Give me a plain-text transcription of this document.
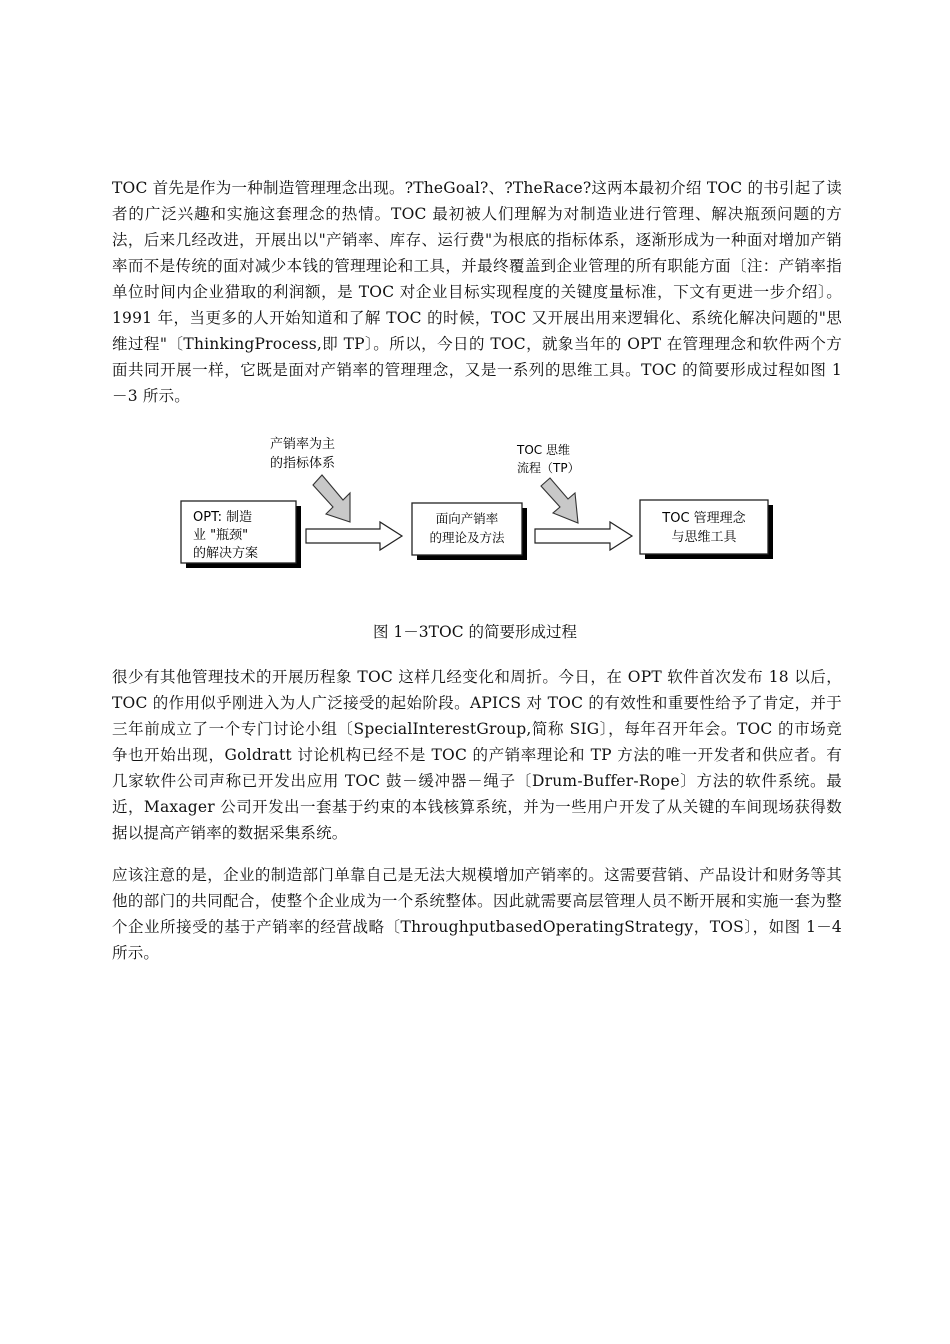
TOC 首先是作为一种制造管理理念出现。?TheGoal?、?TheRace?这两本最初介绍 TOC 的书引起了读者的广泛兴趣和实施这套理念的热情。TOC 最初被人们理解为对制造业进行管理、解决瓶颈问题的方法，后来几经改进，开展出以"产销率、库存、运行费"为根底的指标体系，逐渐形成为一种面对增加产销率而不是传统的面对减少本钱的管理理论和工具，并最终覆盖到企业管理的所有职能方面〔注：产销率指单位时间内企业猎取的利润额，是 TOC 对企业目标实现程度的关键度量标准，下文有更进一步介绍〕。1991 年，当更多的人开始知道和了解 TOC 的时候，TOC 又开展出用来逻辑化、系统化解决问题的"思维过程"〔ThinkingProcess,即 TP〕。所以，今日的 TOC，就象当年的 OPT 在管理理念和软件两个方面共同开展一样，它既是面对产销率的管理理念，又是一系列的思维工具。TOC 的简要形成过程如图 1－3 所示。

OPT: 制造
业 "瓶颈"
的解决方案
面向产销率
的理论及方法
TOC 管理理念
与思维工具
产销率为主
的指标体系
TOC 思维
流程（TP）
图 1－3TOC 的简要形成过程

很少有其他管理技术的开展历程象 TOC 这样几经变化和周折。今日，在 OPT 软件首次发布 18 以后，TOC 的作用似乎刚进入为人广泛接受的起始阶段。APICS 对 TOC 的有效性和重要性给予了肯定，并于三年前成立了一个专门讨论小组〔SpecialInterestGroup,简称 SIG〕，每年召开年会。TOC 的市场竞争也开始出现，Goldratt 讨论机构已经不是 TOC 的产销率理论和 TP 方法的唯一开发者和供应者。有几家软件公司声称已开发出应用 TOC 鼓－缓冲器－绳子〔Drum-Buffer-Rope〕方法的软件系统。最近，Maxager 公司开发出一套基于约束的本钱核算系统，并为一些用户开发了从关键的车间现场获得数据以提高产销率的数据采集系统。

应该注意的是，企业的制造部门单靠自己是无法大规模增加产销率的。这需要营销、产品设计和财务等其他的部门的共同配合，使整个企业成为一个系统整体。因此就需要高层管理人员不断开展和实施一套为整个企业所接受的基于产销率的经营战略〔ThroughputbasedOperatingStrategy，TOS〕，如图 1－4 所示。
